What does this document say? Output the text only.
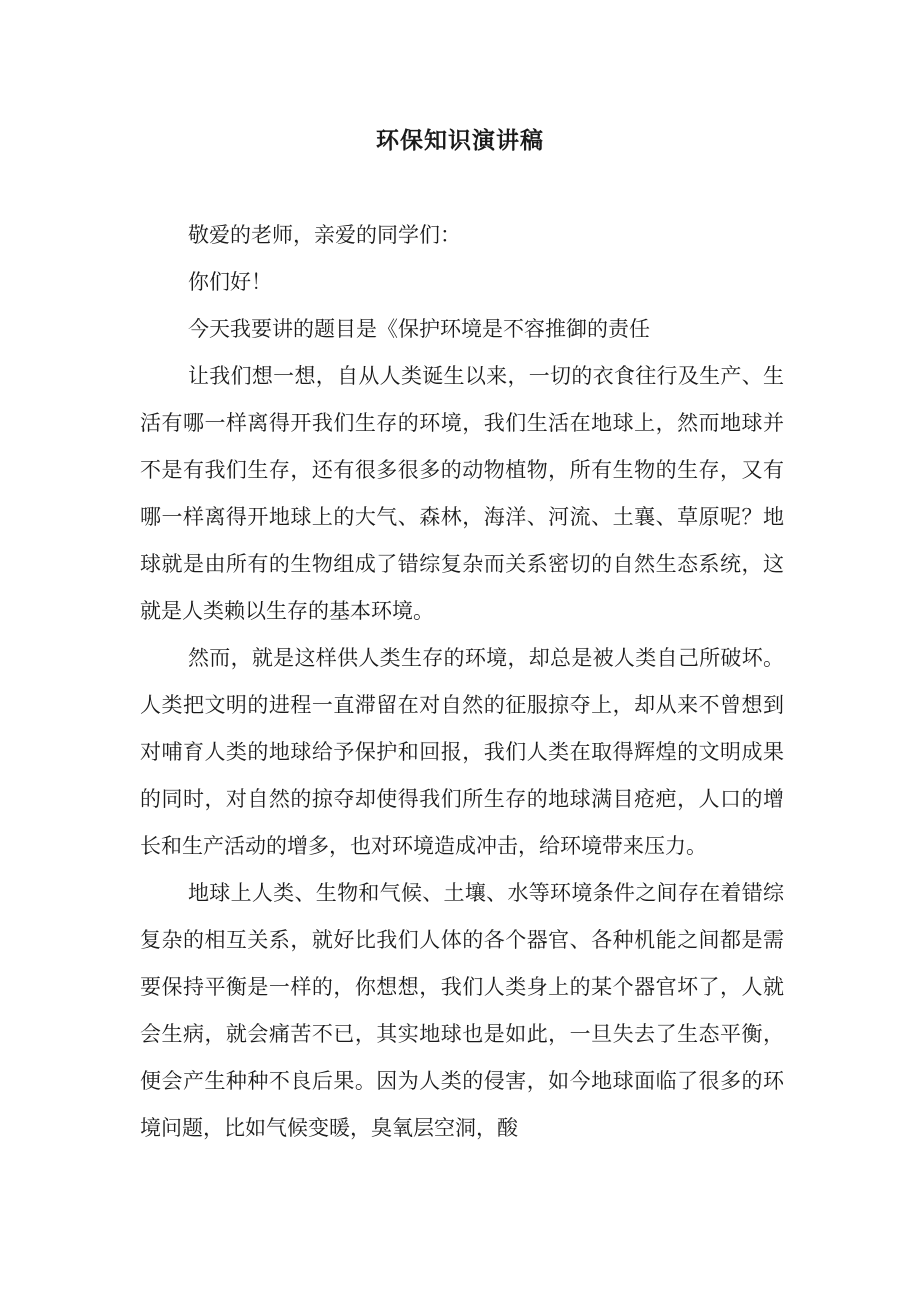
环保知识演讲稿

敬爱的老师，亲爱的同学们：

你们好！

今天我要讲的题目是《保护环境是不容推御的责任

让我们想一想，自从人类诞生以来，一切的衣食往行及生产、生活有哪一样离得开我们生存的环境，我们生活在地球上，然而地球并不是有我们生存，还有很多很多的动物植物，所有生物的生存，又有哪一样离得开地球上的大气、森林，海洋、河流、土襄、草原呢？地球就是由所有的生物组成了错综复杂而关系密切的自然生态系统，这就是人类赖以生存的基本环境。

然而，就是这样供人类生存的环境，却总是被人类自己所破坏。人类把文明的进程一直滞留在对自然的征服掠夺上，却从来不曾想到对哺育人类的地球给予保护和回报，我们人类在取得辉煌的文明成果的同时，对自然的掠夺却使得我们所生存的地球满目疮疤，人口的增长和生产活动的增多，也对环境造成冲击，给环境带来压力。

地球上人类、生物和气候、土壤、水等环境条件之间存在着错综复杂的相互关系，就好比我们人体的各个器官、各种机能之间都是需要保持平衡是一样的，你想想，我们人类身上的某个器官坏了，人就会生病，就会痛苦不已，其实地球也是如此，一旦失去了生态平衡，便会产生种种不良后果。因为人类的侵害，如今地球面临了很多的环境问题，比如气候变暖，臭氧层空洞，酸
